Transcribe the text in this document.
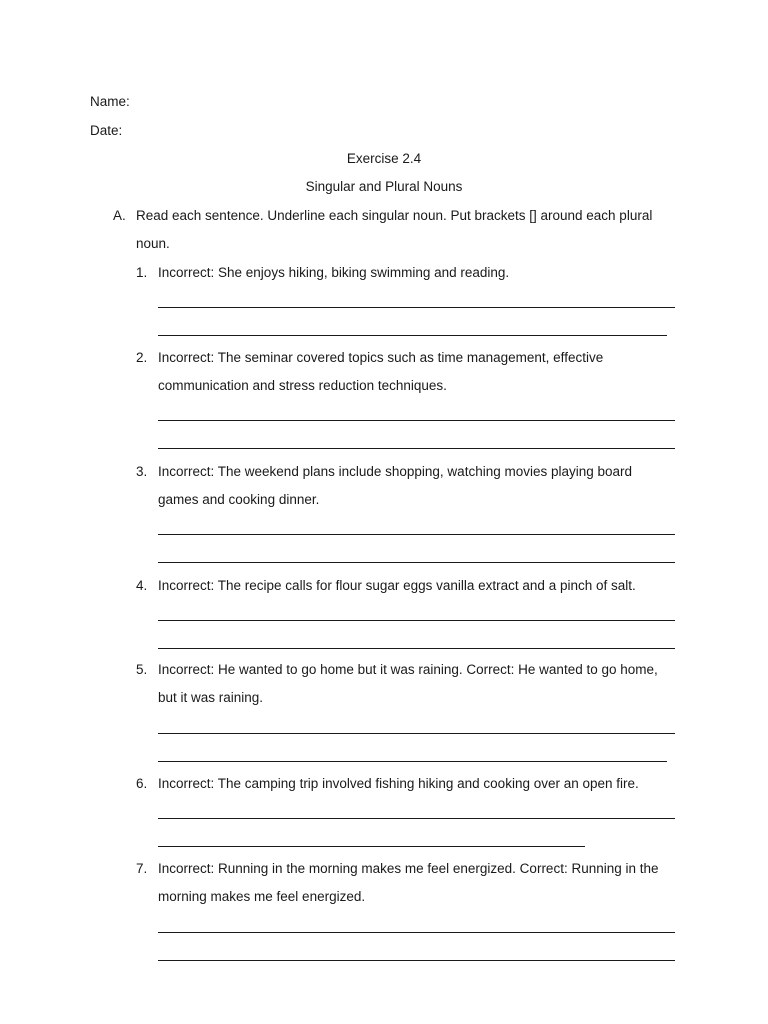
Name:
Date:
Exercise 2.4
Singular and Plural Nouns
A. Read each sentence. Underline each singular noun. Put brackets [] around each plural
noun.
1. Incorrect: She enjoys hiking, biking swimming and reading.
2. Incorrect: The seminar covered topics such as time management, effective
communication and stress reduction techniques.
3. Incorrect: The weekend plans include shopping, watching movies playing board
games and cooking dinner.
4. Incorrect: The recipe calls for flour sugar eggs vanilla extract and a pinch of salt.
5. Incorrect: He wanted to go home but it was raining. Correct: He wanted to go home,
but it was raining.
6. Incorrect: The camping trip involved fishing hiking and cooking over an open fire.
7. Incorrect: Running in the morning makes me feel energized. Correct: Running in the
morning makes me feel energized.
